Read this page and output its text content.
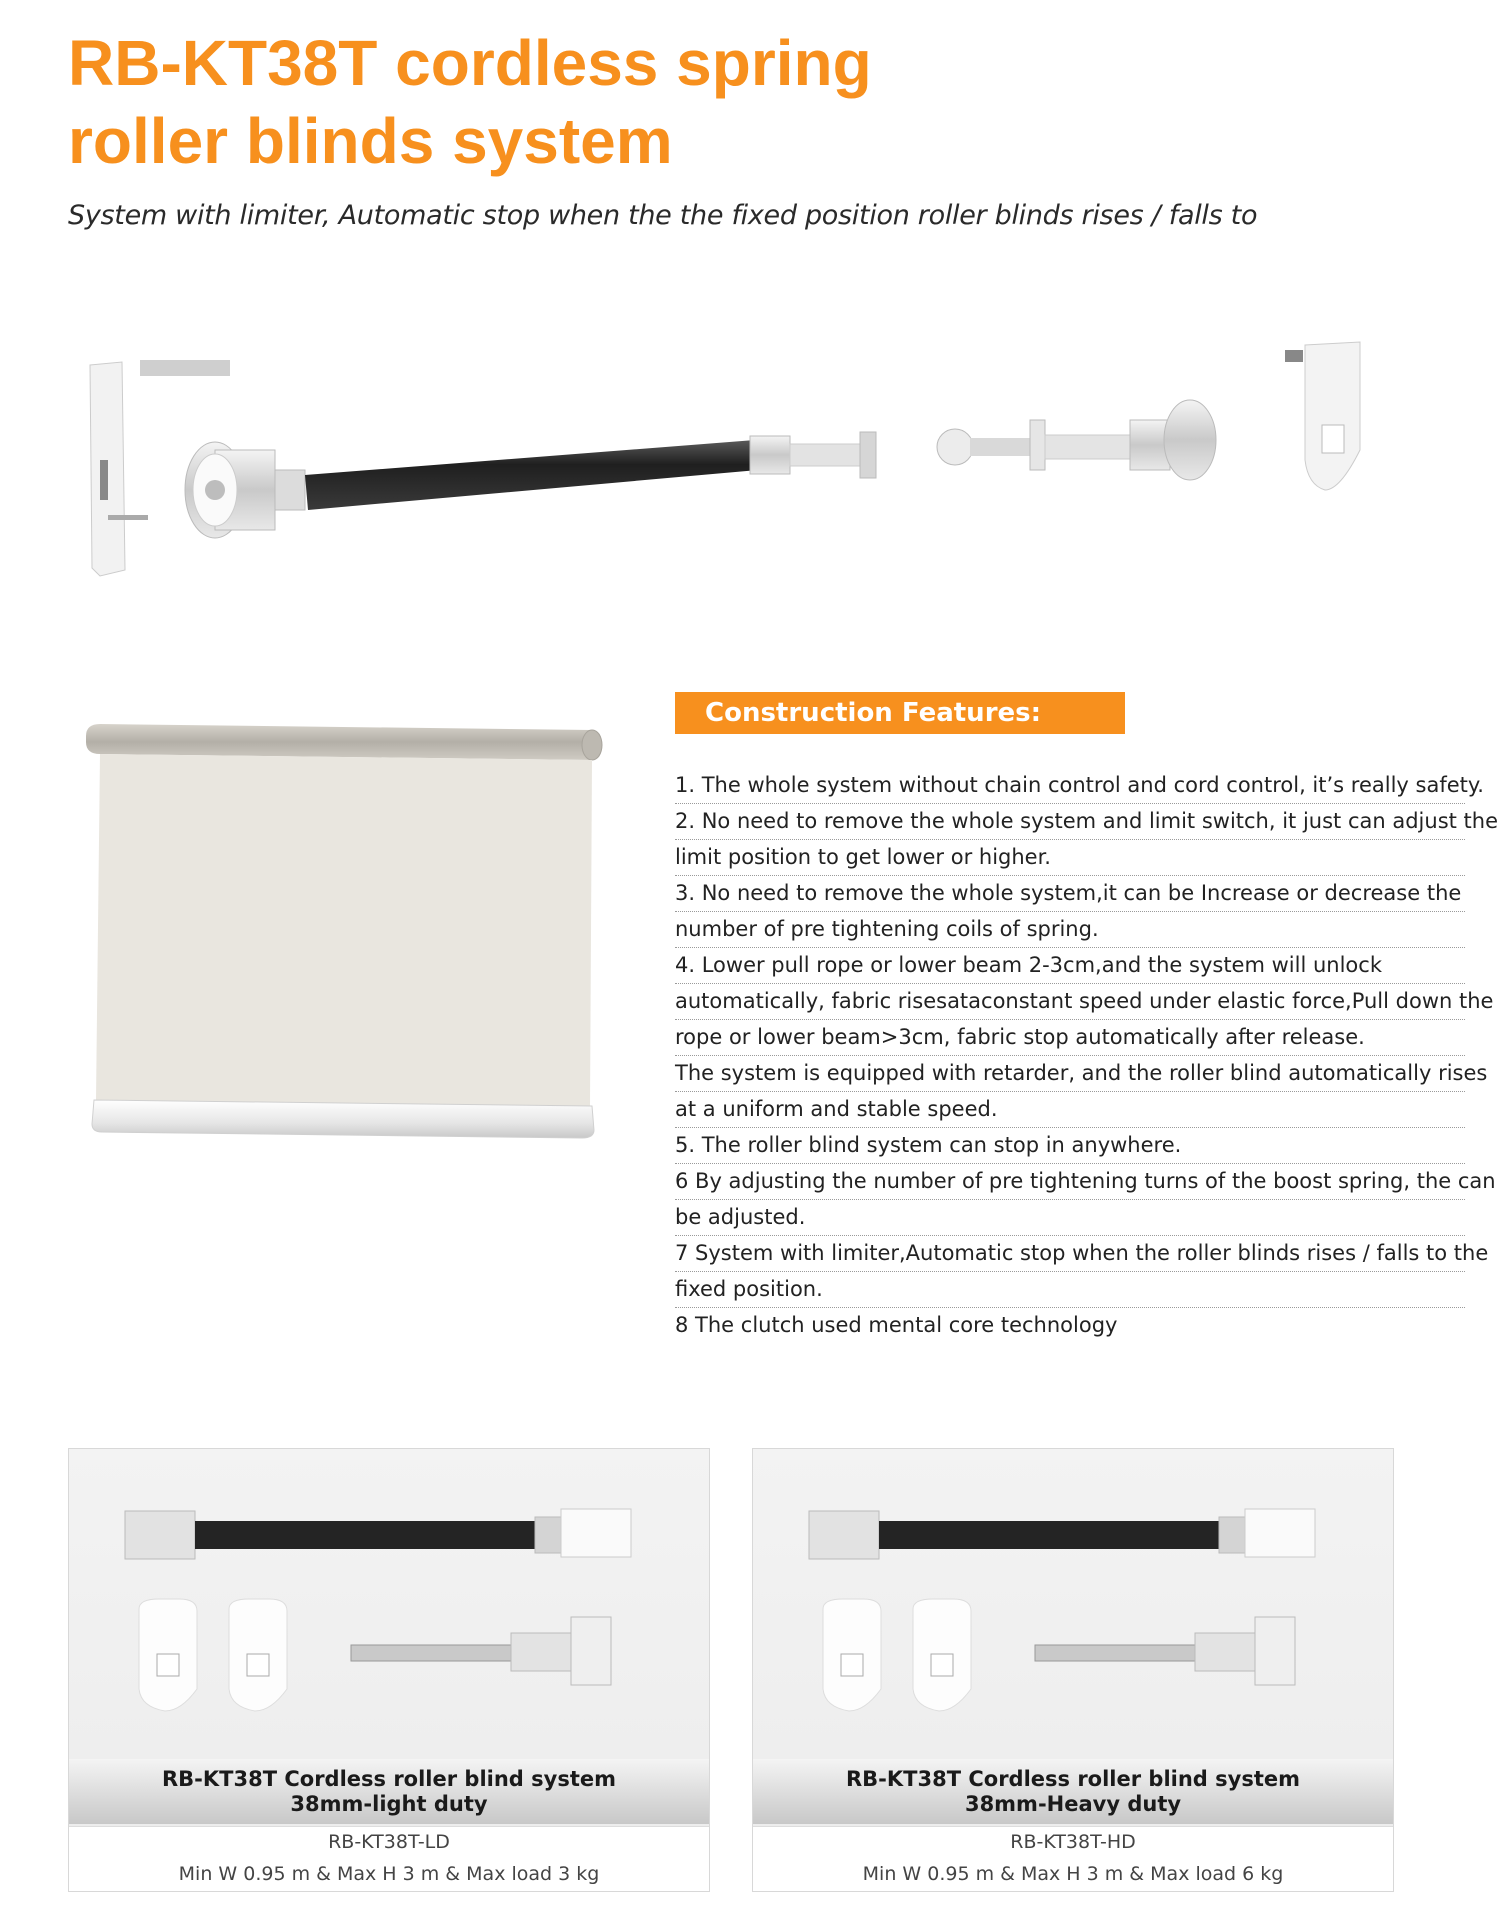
RB-KT38T cordless spring
roller blinds system
System with limiter, Automatic stop when the the fixed position roller blinds rises / falls to
Construction Features:
1. The whole system without chain control and cord control, it’s really safety.
2. No need to remove the whole system and limit switch, it just can adjust the
limit position to get lower or higher.
3. No need to remove the whole system,it can be Increase or decrease the
number of pre tightening coils of spring.
4. Lower pull rope or lower beam 2-3cm,and the system will unlock
automatically, fabric risesataconstant speed under elastic force,Pull down the
rope or lower beam>3cm, fabric stop automatically after release.
The system is equipped with retarder, and the roller blind automatically rises
at a uniform and stable speed.
5. The roller blind system can stop in anywhere.
6 By adjusting the number of pre tightening turns of the boost spring, the can
be adjusted.
7 System with limiter,Automatic stop when the roller blinds rises / falls to the
fixed position.
8 The clutch used mental core technology
RB-KT38T Cordless roller blind system
38mm-light duty
RB-KT38T-LD
Min W 0.95 m & Max H 3 m & Max load 3 kg
RB-KT38T Cordless roller blind system
38mm-Heavy duty
RB-KT38T-HD
Min W 0.95 m & Max H 3 m & Max load 6 kg
